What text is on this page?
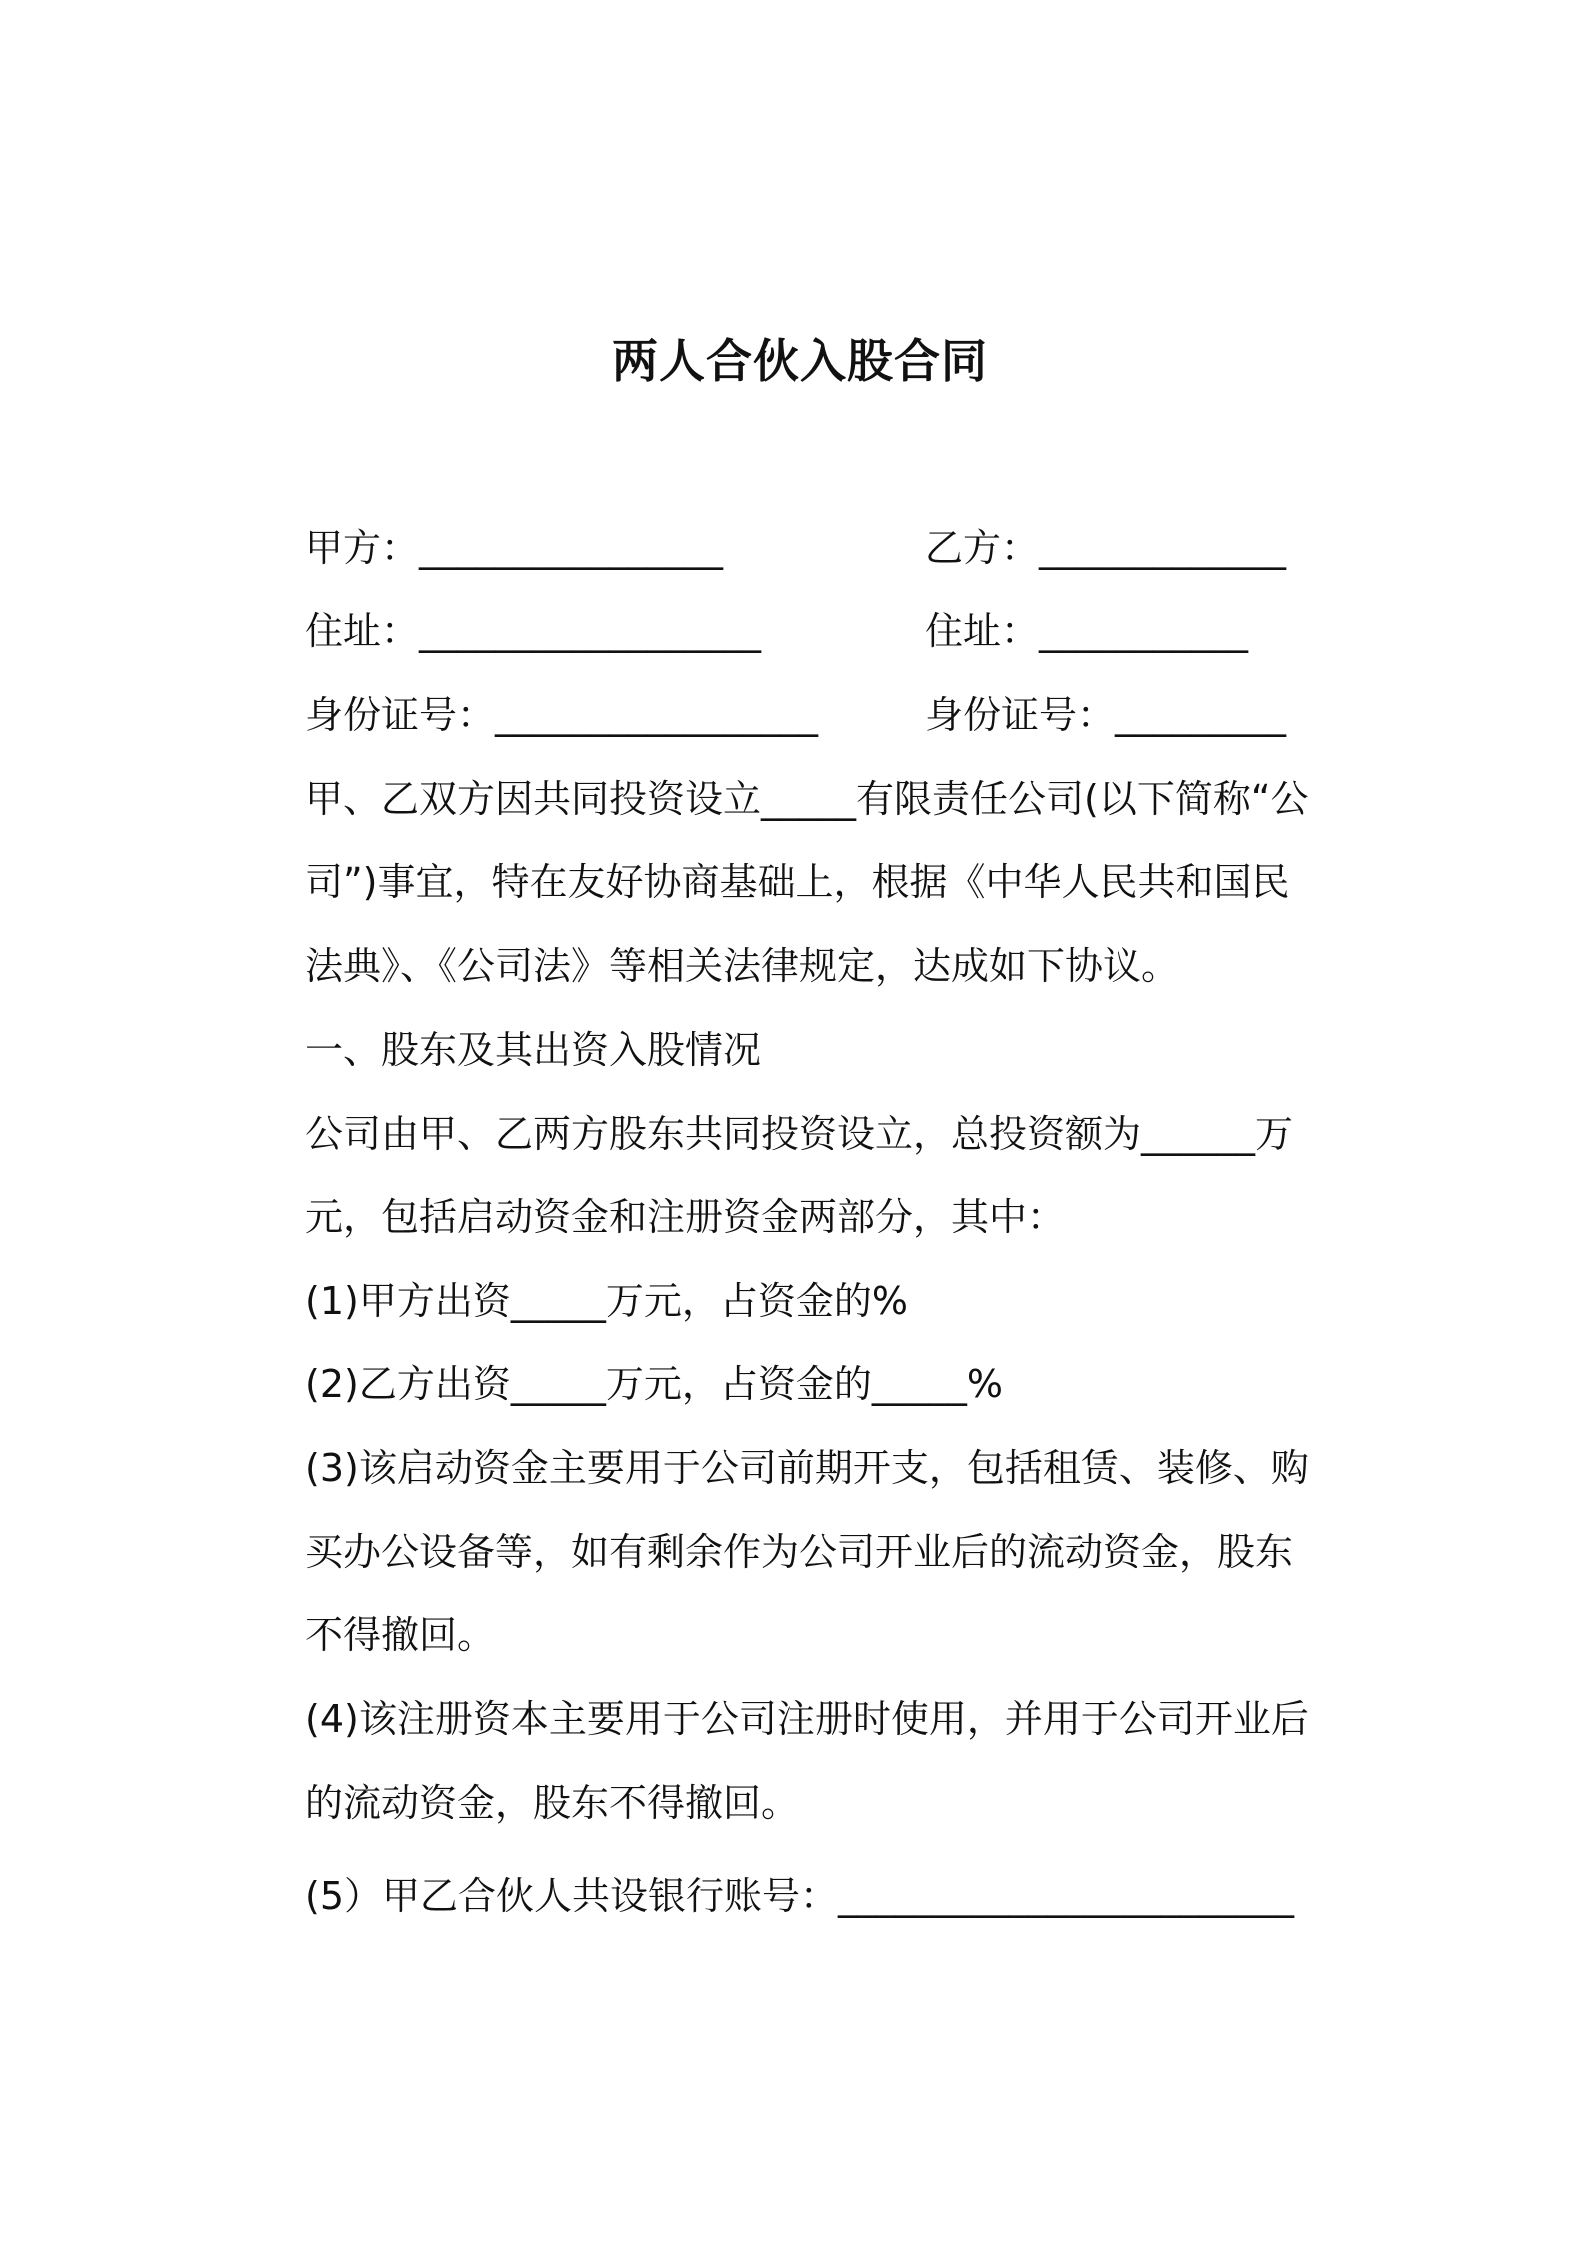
两人合伙入股合同
甲方：________________	乙方：_____________
住址：__________________	住址：___________
身份证号：_________________	身份证号：_________
甲、乙双方因共同投资设立_____有限责任公司(以下简称“公
司”)事宜，特在友好协商基础上，根据《中华人民共和国民
法典》、《公司法》等相关法律规定，达成如下协议。
一、股东及其出资入股情况
公司由甲、乙两方股东共同投资设立，总投资额为______万
元，包括启动资金和注册资金两部分，其中：
(1)甲方出资_____万元，占资金的%
(2)乙方出资_____万元，占资金的_____%
(3)该启动资金主要用于公司前期开支，包括租赁、装修、购
买办公设备等，如有剩余作为公司开业后的流动资金，股东
不得撤回。
(4)该注册资本主要用于公司注册时使用，并用于公司开业后
的流动资金，股东不得撤回。
(5）甲乙合伙人共设银行账号：________________________
